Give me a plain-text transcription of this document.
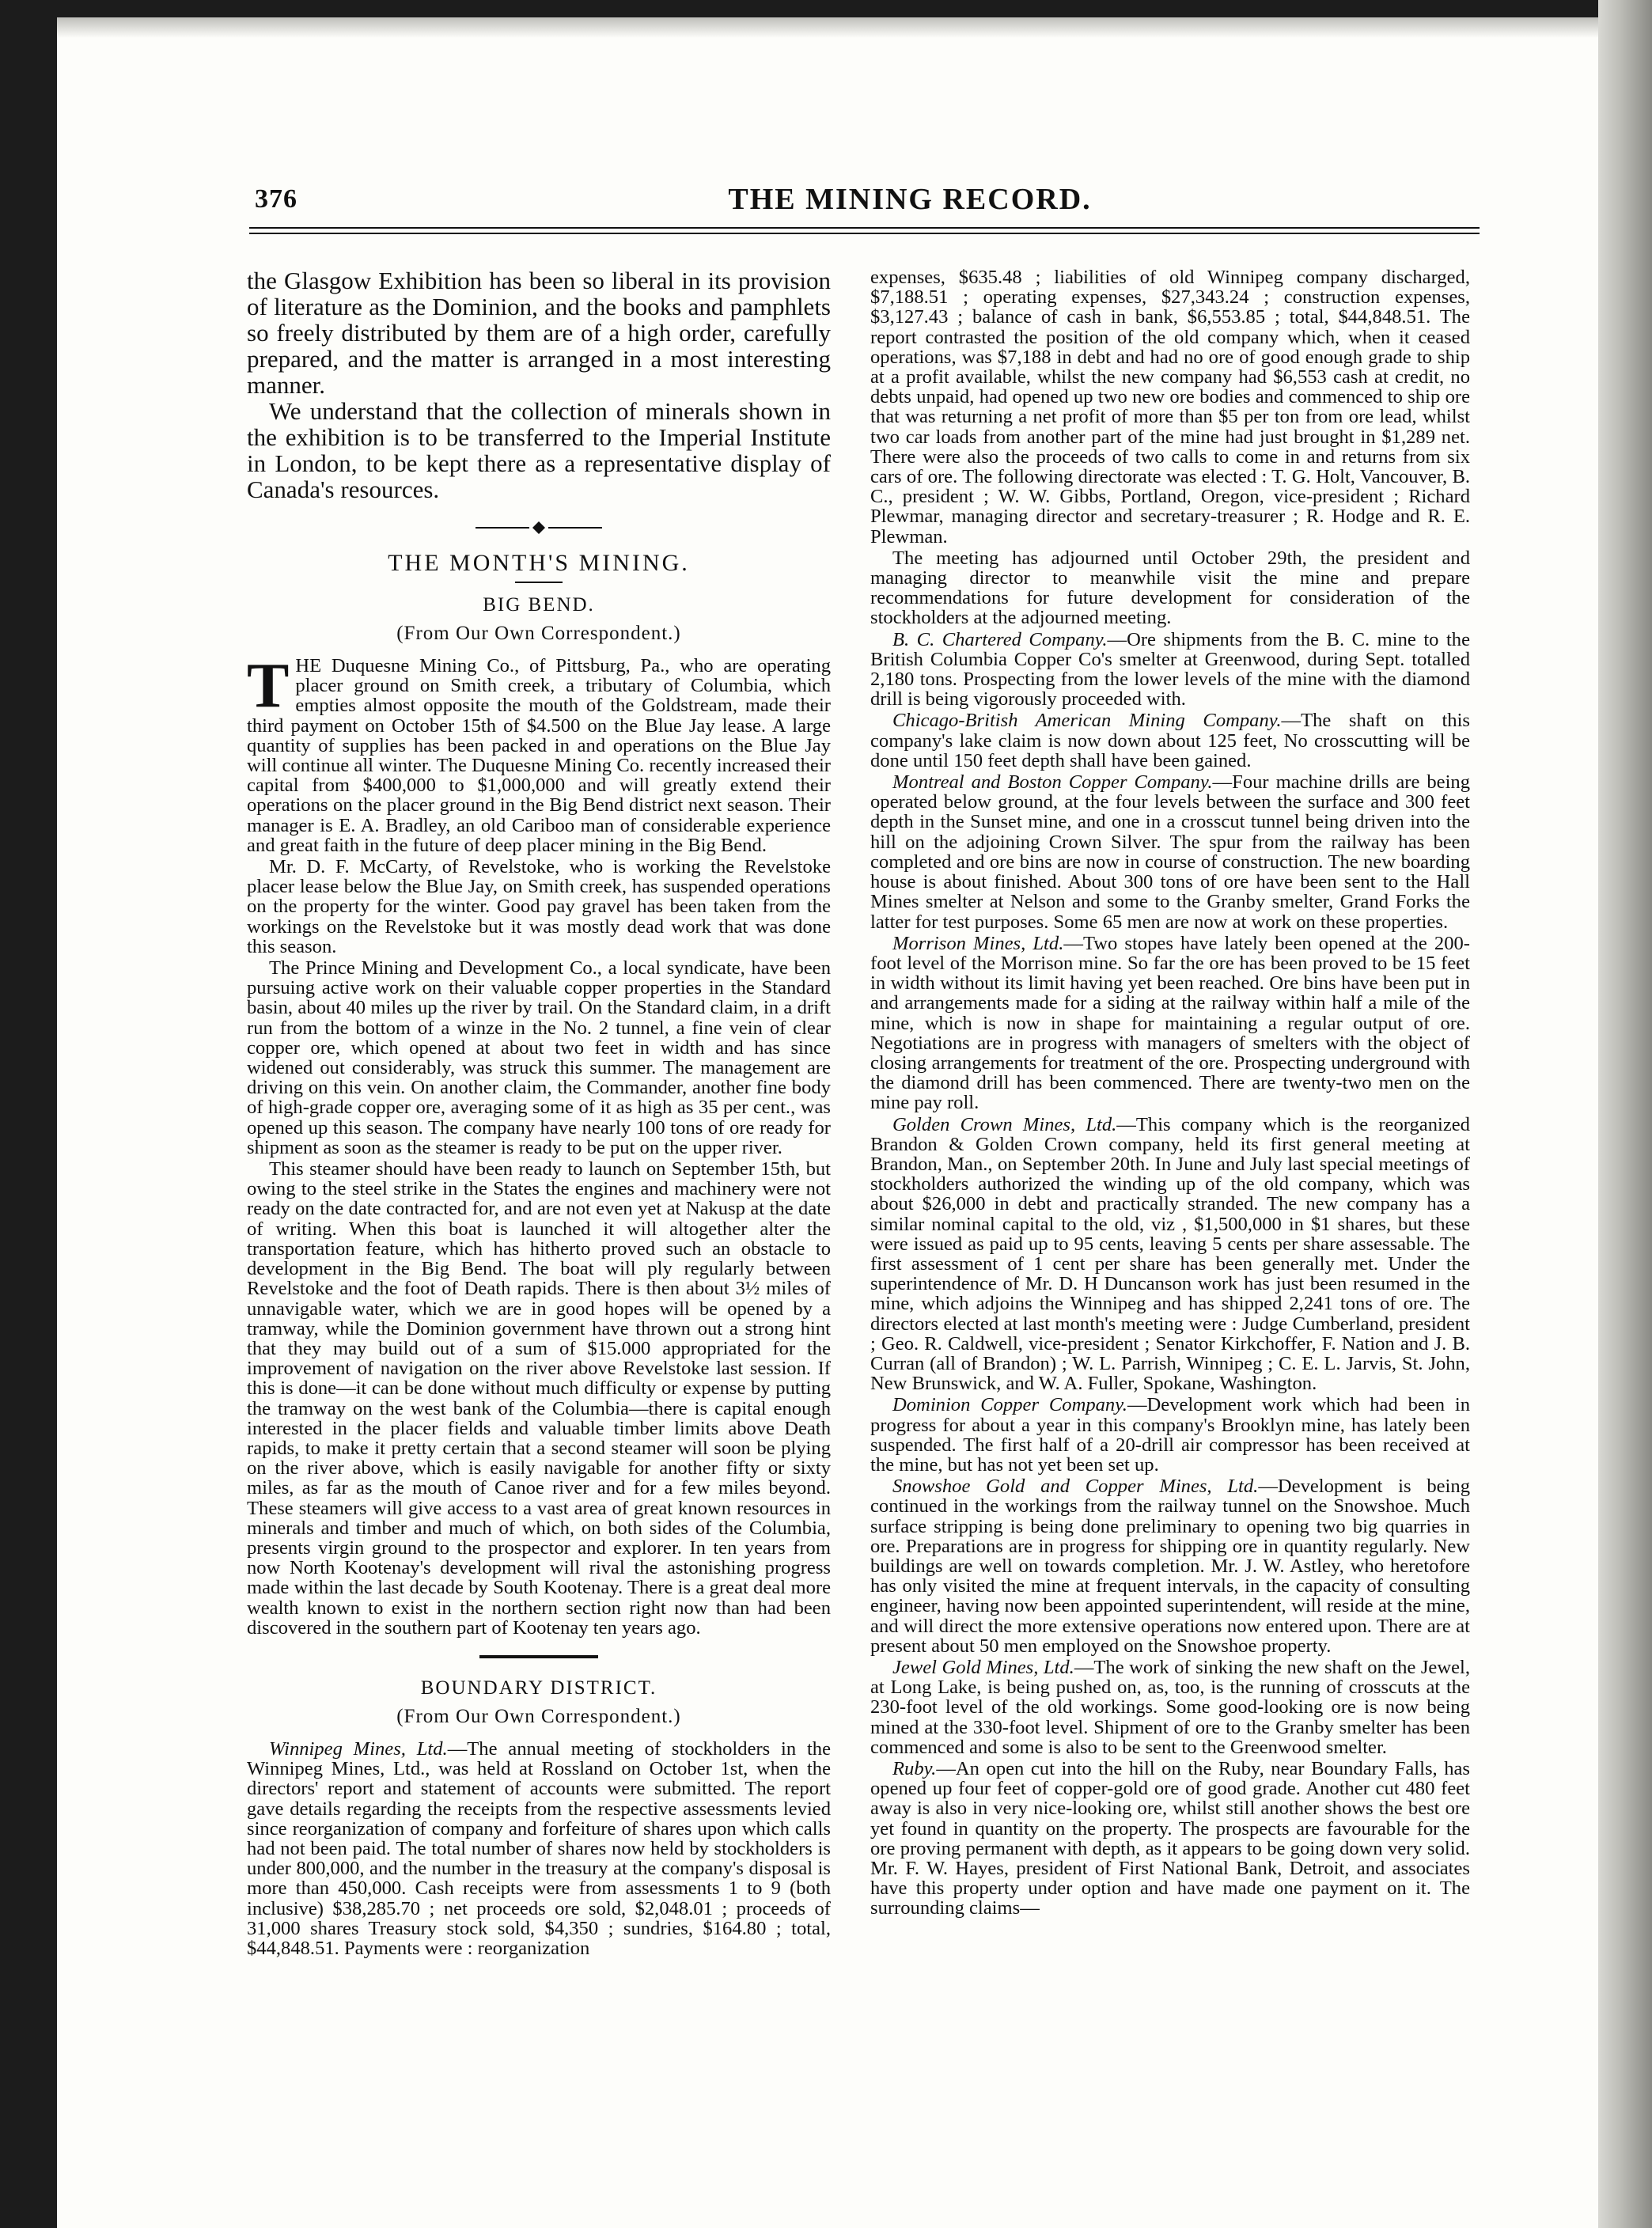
376	THE MINING RECORD.

the Glasgow Exhibition has been so liberal in its provision of literature as the Dominion, and the books and pamphlets so freely distributed by them are of a high order, carefully prepared, and the matter is arranged in a most interesting manner.

We understand that the collection of minerals shown in the exhibition is to be transferred to the Imperial Institute in London, to be kept there as a representative display of Canada's resources.

THE MONTH'S MINING.
BIG BEND.
(From Our Own Correspondent.)

THE Duquesne Mining Co., of Pittsburg, Pa., who are operating placer ground on Smith creek, a tributary of Columbia, which empties almost opposite the mouth of the Goldstream, made their third payment on October 15th of $4.500 on the Blue Jay lease. A large quantity of supplies has been packed in and operations on the Blue Jay will continue all winter. The Duquesne Mining Co. recently increased their capital from $400,000 to $1,000,000 and will greatly extend their operations on the placer ground in the Big Bend district next season. Their manager is E. A. Bradley, an old Cariboo man of considerable experience and great faith in the future of deep placer mining in the Big Bend.

Mr. D. F. McCarty, of Revelstoke, who is working the Revelstoke placer lease below the Blue Jay, on Smith creek, has suspended operations on the property for the winter. Good pay gravel has been taken from the workings on the Revelstoke but it was mostly dead work that was done this season.

The Prince Mining and Development Co., a local syndicate, have been pursuing active work on their valuable copper properties in the Standard basin, about 40 miles up the river by trail. On the Standard claim, in a drift run from the bottom of a winze in the No. 2 tunnel, a fine vein of clear copper ore, which opened at about two feet in width and has since widened out considerably, was struck this summer. The management are driving on this vein. On another claim, the Commander, another fine body of high-grade copper ore, averaging some of it as high as 35 per cent., was opened up this season. The company have nearly 100 tons of ore ready for shipment as soon as the steamer is ready to be put on the upper river.

This steamer should have been ready to launch on September 15th, but owing to the steel strike in the States the engines and machinery were not ready on the date contracted for, and are not even yet at Nakusp at the date of writing. When this boat is launched it will altogether alter the transportation feature, which has hitherto proved such an obstacle to development in the Big Bend. The boat will ply regularly between Revelstoke and the foot of Death rapids. There is then about 3½ miles of unnavigable water, which we are in good hopes will be opened by a tramway, while the Dominion government have thrown out a strong hint that they may build out of a sum of $15.000 appropriated for the improvement of navigation on the river above Revelstoke last session. If this is done—it can be done without much difficulty or expense by putting the tramway on the west bank of the Columbia—there is capital enough interested in the placer fields and valuable timber limits above Death rapids, to make it pretty certain that a second steamer will soon be plying on the river above, which is easily navigable for another fifty or sixty miles, as far as the mouth of Canoe river and for a few miles beyond. These steamers will give access to a vast area of great known resources in minerals and timber and much of which, on both sides of the Columbia, presents virgin ground to the prospector and explorer. In ten years from now North Kootenay's development will rival the astonishing progress made within the last decade by South Kootenay. There is a great deal more wealth known to exist in the northern section right now than had been discovered in the southern part of Kootenay ten years ago.

BOUNDARY DISTRICT.
(From Our Own Correspondent.)

Winnipeg Mines, Ltd.—The annual meeting of stockholders in the Winnipeg Mines, Ltd., was held at Rossland on October 1st, when the directors' report and statement of accounts were submitted. The report gave details regarding the receipts from the respective assessments levied since reorganization of company and forfeiture of shares upon which calls had not been paid. The total number of shares now held by stockholders is under 800,000, and the number in the treasury at the company's disposal is more than 450,000. Cash receipts were from assessments 1 to 9 (both inclusive) $38,285.70 ; net proceeds ore sold, $2,048.01 ; proceeds of 31,000 shares Treasury stock sold, $4,350 ; sundries, $164.80 ; total, $44,848.51. Payments were : reorganization

expenses, $635.48 ; liabilities of old Winnipeg company discharged, $7,188.51 ; operating expenses, $27,343.24 ; construction expenses, $3,127.43 ; balance of cash in bank, $6,553.85 ; total, $44,848.51. The report contrasted the position of the old company which, when it ceased operations, was $7,188 in debt and had no ore of good enough grade to ship at a profit available, whilst the new company had $6,553 cash at credit, no debts unpaid, had opened up two new ore bodies and commenced to ship ore that was returning a net profit of more than $5 per ton from ore lead, whilst two car loads from another part of the mine had just brought in $1,289 net. There were also the proceeds of two calls to come in and returns from six cars of ore. The following directorate was elected : T. G. Holt, Vancouver, B. C., president ; W. W. Gibbs, Portland, Oregon, vice-president ; Richard Plewmar, managing director and secretary-treasurer ; R. Hodge and R. E. Plewman.

The meeting has adjourned until October 29th, the president and managing director to meanwhile visit the mine and prepare recommendations for future development for consideration of the stockholders at the adjourned meeting.

B. C. Chartered Company.—Ore shipments from the B. C. mine to the British Columbia Copper Co's smelter at Greenwood, during Sept. totalled 2,180 tons. Prospecting from the lower levels of the mine with the diamond drill is being vigorously proceeded with.

Chicago-British American Mining Company.—The shaft on this company's lake claim is now down about 125 feet, No crosscutting will be done until 150 feet depth shall have been gained.

Montreal and Boston Copper Company.—Four machine drills are being operated below ground, at the four levels between the surface and 300 feet depth in the Sunset mine, and one in a crosscut tunnel being driven into the hill on the adjoining Crown Silver. The spur from the railway has been completed and ore bins are now in course of construction. The new boarding house is about finished. About 300 tons of ore have been sent to the Hall Mines smelter at Nelson and some to the Granby smelter, Grand Forks the latter for test purposes. Some 65 men are now at work on these properties.

Morrison Mines, Ltd.—Two stopes have lately been opened at the 200-foot level of the Morrison mine. So far the ore has been proved to be 15 feet in width without its limit having yet been reached. Ore bins have been put in and arrangements made for a siding at the railway within half a mile of the mine, which is now in shape for maintaining a regular output of ore. Negotiations are in progress with managers of smelters with the object of closing arrangements for treatment of the ore. Prospecting underground with the diamond drill has been commenced. There are twenty-two men on the mine pay roll.

Golden Crown Mines, Ltd.—This company which is the reorganized Brandon & Golden Crown company, held its first general meeting at Brandon, Man., on September 20th. In June and July last special meetings of stockholders authorized the winding up of the old company, which was about $26,000 in debt and practically stranded. The new company has a similar nominal capital to the old, viz , $1,500,000 in $1 shares, but these were issued as paid up to 95 cents, leaving 5 cents per share assessable. The first assessment of 1 cent per share has been generally met. Under the superintendence of Mr. D. H Duncanson work has just been resumed in the mine, which adjoins the Winnipeg and has shipped 2,241 tons of ore. The directors elected at last month's meeting were : Judge Cumberland, president ; Geo. R. Caldwell, vice-president ; Senator Kirkchoffer, F. Nation and J. B. Curran (all of Brandon) ; W. L. Parrish, Winnipeg ; C. E. L. Jarvis, St. John, New Brunswick, and W. A. Fuller, Spokane, Washington.

Dominion Copper Company.—Development work which had been in progress for about a year in this company's Brooklyn mine, has lately been suspended. The first half of a 20-drill air compressor has been received at the mine, but has not yet been set up.

Snowshoe Gold and Copper Mines, Ltd.—Development is being continued in the workings from the railway tunnel on the Snowshoe. Much surface stripping is being done preliminary to opening two big quarries in ore. Preparations are in progress for shipping ore in quantity regularly. New buildings are well on towards completion. Mr. J. W. Astley, who heretofore has only visited the mine at frequent intervals, in the capacity of consulting engineer, having now been appointed superintendent, will reside at the mine, and will direct the more extensive operations now entered upon. There are at present about 50 men employed on the Snowshoe property.

Jewel Gold Mines, Ltd.—The work of sinking the new shaft on the Jewel, at Long Lake, is being pushed on, as, too, is the running of crosscuts at the 230-foot level of the old workings. Some good-looking ore is now being mined at the 330-foot level. Shipment of ore to the Granby smelter has been commenced and some is also to be sent to the Greenwood smelter.

Ruby.—An open cut into the hill on the Ruby, near Boundary Falls, has opened up four feet of copper-gold ore of good grade. Another cut 480 feet away is also in very nice-looking ore, whilst still another shows the best ore yet found in quantity on the property. The prospects are favourable for the ore proving permanent with depth, as it appears to be going down very solid. Mr. F. W. Hayes, president of First National Bank, Detroit, and associates have this property under option and have made one payment on it. The surrounding claims—
